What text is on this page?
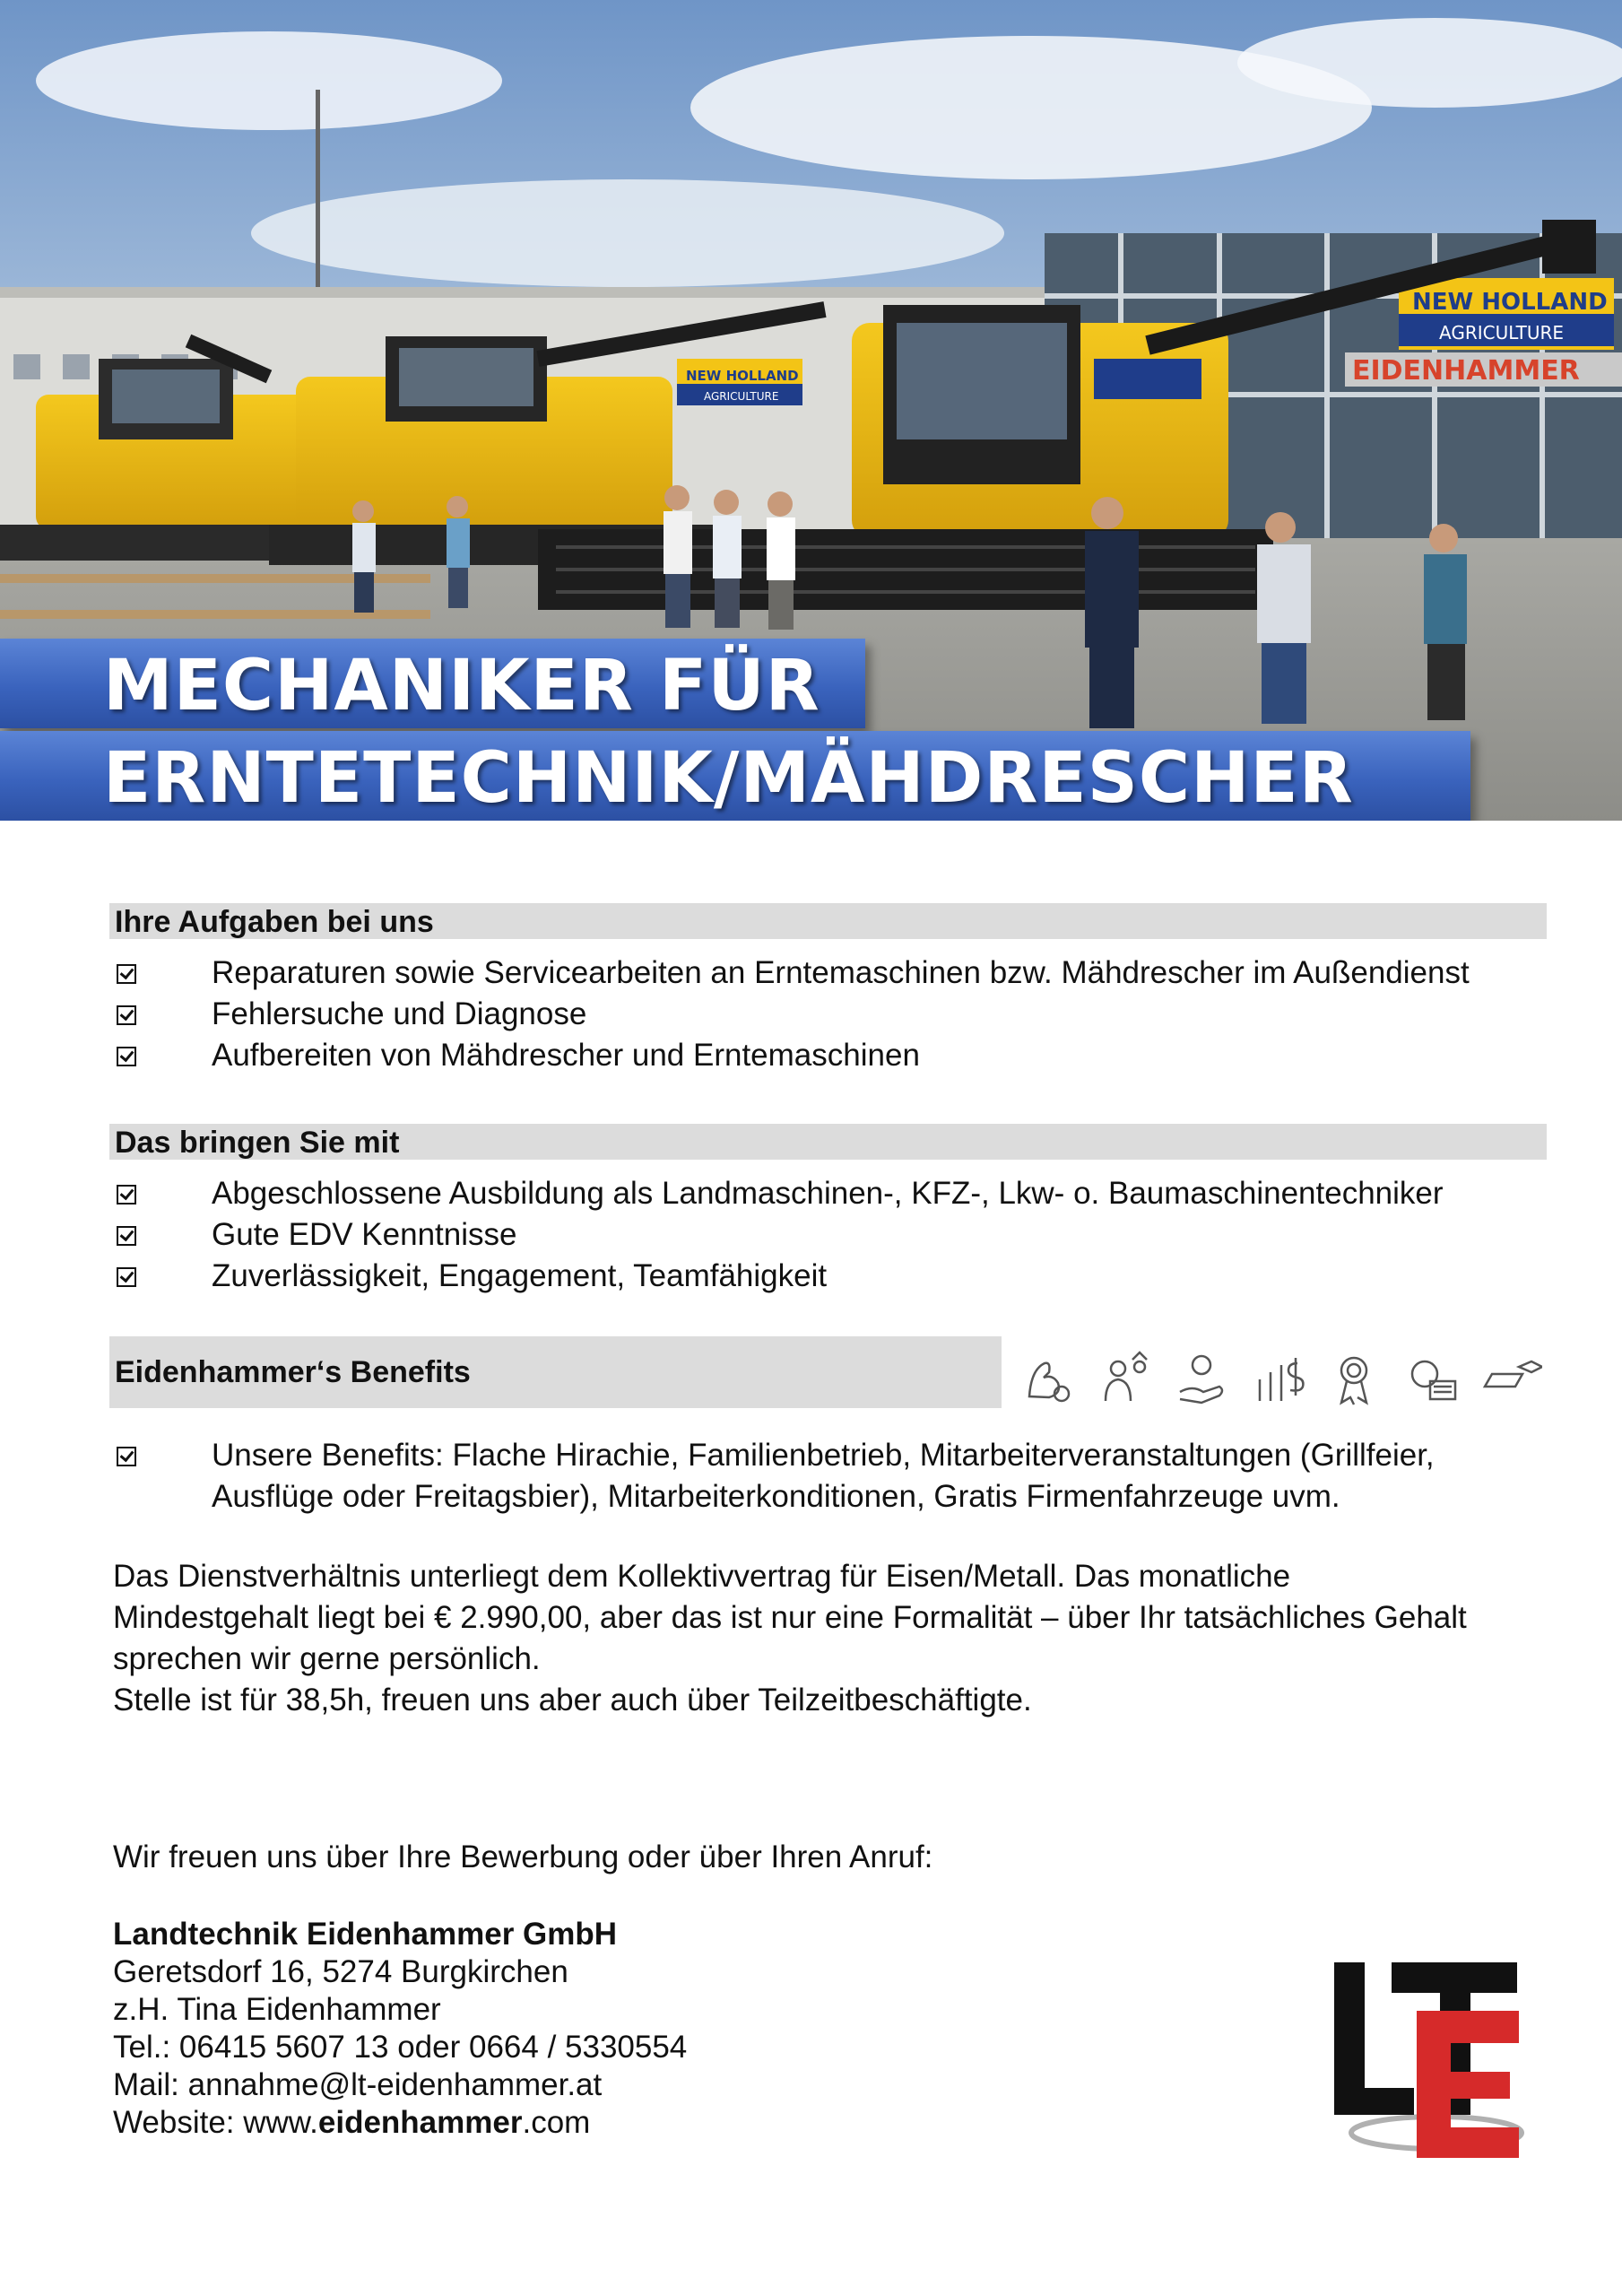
NEW HOLLAND
AGRICULTURE
EIDENHAMMER
NEW HOLLAND
AGRICULTURE
MECHANIKER FÜR
ERNTETECHNIK/MÄHDRESCHER
Ihre Aufgaben bei uns
Reparaturen sowie Servicearbeiten an Erntemaschinen bzw. Mähdrescher im Außendienst
Fehlersuche und Diagnose
Aufbereiten von Mähdrescher und Erntemaschinen
Das bringen Sie mit
Abgeschlossene Ausbildung als Landmaschinen-, KFZ-, Lkw- o. Baumaschinentechniker
Gute EDV Kenntnisse
Zuverlässigkeit, Engagement, Teamfähigkeit
Eidenhammer‘s Benefits
Unsere Benefits: Flache Hirachie, Familienbetrieb, Mitarbeiterveranstaltungen (Grillfeier,
Ausflüge oder Freitagsbier), Mitarbeiterkonditionen, Gratis Firmenfahrzeuge uvm.
Das Dienstverhältnis unterliegt dem Kollektivvertrag für Eisen/Metall. Das monatliche
Mindestgehalt liegt bei € 2.990,00, aber das ist nur eine Formalität – über Ihr tatsächliches Gehalt
sprechen wir gerne persönlich.
Stelle ist für 38,5h, freuen uns aber auch über Teilzeitbeschäftigte.
Wir freuen uns über Ihre Bewerbung oder über Ihren Anruf:
Landtechnik Eidenhammer GmbH
Geretsdorf 16, 5274 Burgkirchen
z.H. Tina Eidenhammer
Tel.: 06415 5607 13 oder 0664 / 5330554
Mail: annahme@lt-eidenhammer.at
Website: www.eidenhammer.com
